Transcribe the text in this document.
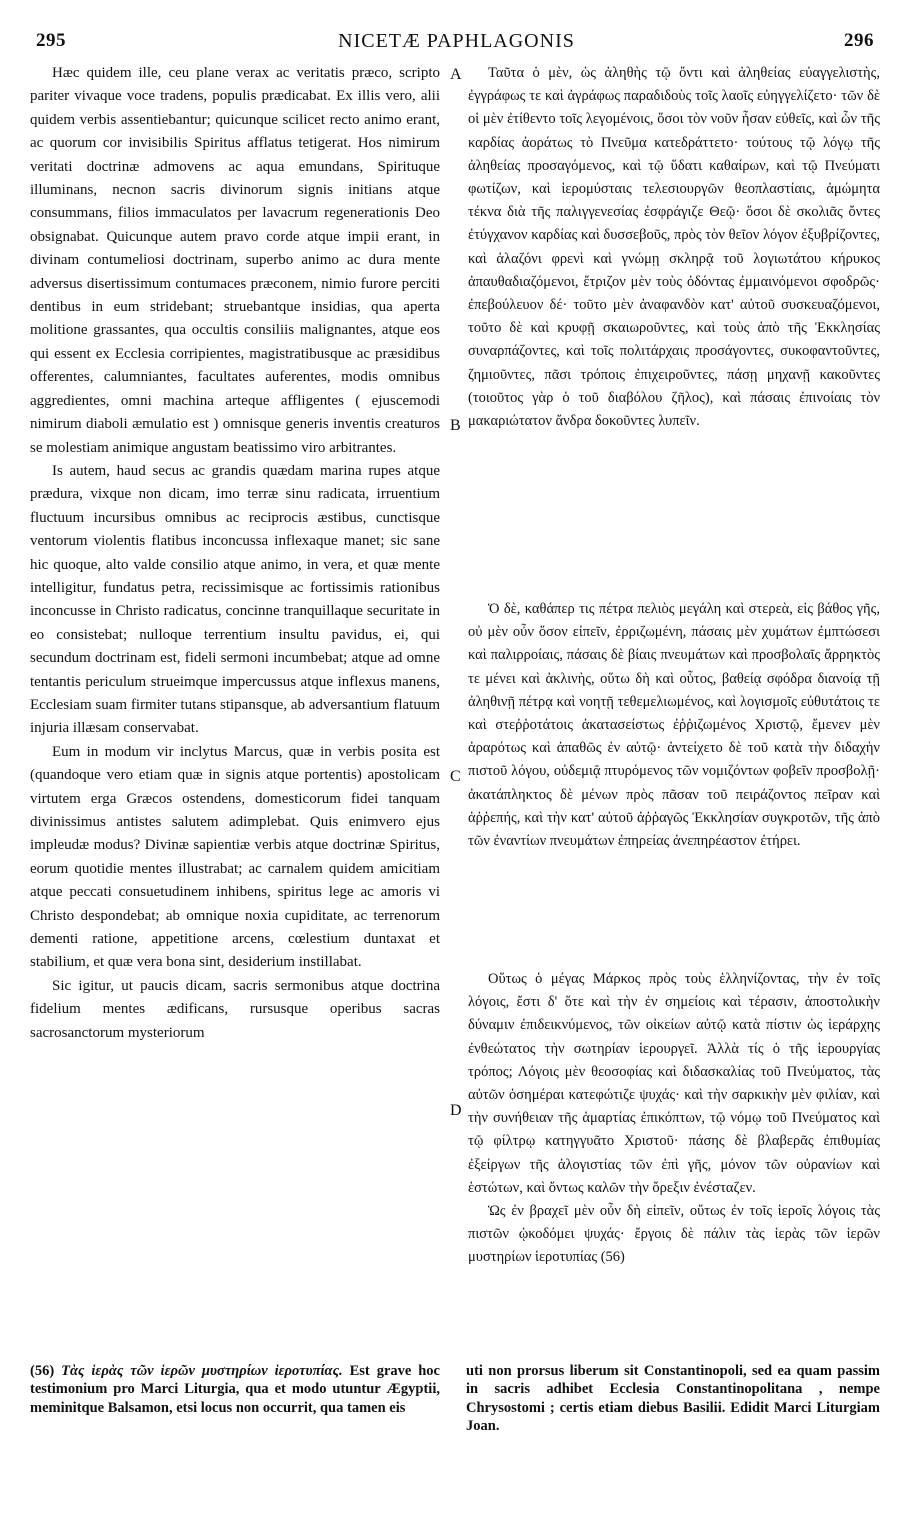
295	NICETÆ PAPHLAGONIS	296

Hæc quidem ille, ceu plane verax ac veritatis præco, scripto pariter vivaque voce tradens, populis prædicabat. Ex illis vero, alii quidem verbis assentiebantur; quicunque scilicet recto animo erant, ac quorum cor invisibilis Spiritus afflatus tetigerat. Hos nimirum veritati doctrinæ admovens ac aqua emundans, Spirituque illuminans, necnon sacris divinorum signis initians atque consummans, filios immaculatos per lavacrum regenerationis Deo obsignabat. Quicunque autem pravo corde atque impii erant, in divinam contumeliosi doctrinam, superbo animo ac dura mente adversus disertissimum contumaces præconem, nimio furore perciti dentibus in eum stridebant; struebantque insidias, qua aperta molitione grassantes, qua occultis consiliis malignantes, atque eos qui essent ex Ecclesia corripientes, magistratibusque ac præsidibus offerentes, calumniantes, facultates auferentes, modis omnibus aggredientes, omni machina arteque affligentes ( ejuscemodi nimirum diaboli æmulatio est ) omnisque generis inventis creaturos se molestiam animique angustam beatissimo viro arbitrantes.

Is autem, haud secus ac grandis quædam marina rupes atque prædura, vixque non dicam, imo terræ sinu radicata, irruentium fluctuum incursibus omnibus ac reciprocis æstibus, cunctisque ventorum violentis flatibus inconcussa inflexaque manet; sic sane hic quoque, alto valde consilio atque animo, in vera, et quæ mente intelligitur, fundatus petra, recissimisque ac fortissimis rationibus inconcusse in Christo radicatus, concinne tranquillaque securitate in eo consistebat; nulloque terrentium insultu pavidus, ei, qui secundum doctrinam est, fideli sermoni incumbebat; atque ad omne tentantis periculum strueimque impercussus atque inflexus manens, Ecclesiam suam firmiter tutans stipansque, ab adversantium flatuum injuria illæsam conservabat.

Eum in modum vir inclytus Marcus, quæ in verbis posita est (quandoque vero etiam quæ in signis atque portentis) apostolicam virtutem erga Græcos ostendens, domesticorum fidei tanquam divinissimus antistes salutem adimplebat. Quis enimvero ejus impleudæ modus? Divinæ sapientiæ verbis atque doctrinæ Spiritus, eorum quotidie mentes illustrabat; ac carnalem quidem amicitiam atque peccati consuetudinem inhibens, spiritus lege ac amoris vi Christo despondebat; ab omnique noxia cupiditate, ac terrenorum dementi ratione, appetitione arcens, cœlestium duntaxat et stabilium, et quæ vera bona sint, desiderium instillabat.

Sic igitur, ut paucis dicam, sacris sermonibus atque doctrina fidelium mentes ædificans, rursusque operibus sacras sacrosanctorum mysteriorum

A
B
C
D

Ταῦτα ὁ μὲν, ὡς ἀληθὴς τῷ ὄντι καὶ ἀληθείας εὐαγγελιστὴς, ἐγγράφως τε καὶ ἀγράφως παραδιδοὺς τοῖς λαοῖς εὐηγγελίζετο· τῶν δὲ οἱ μὲν ἐτίθεντο τοῖς λεγομένοις, ὅσοι τὸν νοῦν ἦσαν εὐθεῖς, καὶ ὧν τῆς καρδίας ἀοράτως τὸ Πνεῦμα κατεδράττετο· τούτους τῷ λόγῳ τῆς ἀληθείας προσαγόμενος, καὶ τῷ ὕδατι καθαίρων, καὶ τῷ Πνεύματι φωτίζων, καὶ ἱερομύσταις τελεσιουργῶν θεοπλαστίαις, ἀμώμητα τέκνα διὰ τῆς παλιγγενεσίας ἐσφράγιζε Θεῷ· ὅσοι δὲ σκολιᾶς ὄντες ἐτύγχανον καρδίας καὶ δυσσεβοῦς, πρὸς τὸν θεῖον λόγον ἐξυβρίζοντες, καὶ ἀλαζόνι φρενὶ καὶ γνώμῃ σκληρᾷ τοῦ λογιωτάτου κήρυκος ἀπαυθαδιαζόμενοι, ἔτριζον μὲν τοὺς ὀδόντας ἐμμαινόμενοι σφοδρῶς· ἐπεβούλευον δέ· τοῦτο μὲν ἀναφανδὸν κατ' αὐτοῦ συσκευαζόμενοι, τοῦτο δὲ καὶ κρυφῇ σκαιωροῦντες, καὶ τοὺς ἀπὸ τῆς Ἐκκλησίας συναρπάζοντες, καὶ τοῖς πολιτάρχαις προσάγοντες, συκοφαντοῦντες, ζημιοῦντες, πᾶσι τρόποις ἐπιχειροῦντες, πάσῃ μηχανῇ κακοῦντες (τοιοῦτος γὰρ ὁ τοῦ διαβόλου ζῆλος), καὶ πάσαις ἐπινοίαις τὸν μακαριώτατον ἄνδρα δοκοῦντες λυπεῖν.

Ὁ δὲ, καθάπερ τις πέτρα πελιὸς μεγάλη καὶ στερεὰ, εἰς βάθος γῆς, οὐ μὲν οὖν ὅσον εἰπεῖν, ἐρριζωμένη, πάσαις μὲν χυμάτων ἐμπτώσεσι καὶ παλιρροίαις, πάσαις δὲ βίαις πνευμάτων καὶ προσβολαῖς ἄρρηκτὸς τε μένει καὶ ἀκλινὴς, οὕτω δὴ καὶ οὗτος, βαθείᾳ σφόδρα διανοίᾳ τῇ ἀληθινῇ πέτρᾳ καὶ νοητῇ τεθεμελιωμένος, καὶ λογισμοῖς εὐθυτάτοις τε καὶ στεῤῥοτάτοις ἀκατασείστως ἐῤῥιζωμένος Χριστῷ, ἔμενεν μὲν ἀραρότως καὶ ἀπαθῶς ἐν αὐτῷ· ἀντείχετο δὲ τοῦ κατὰ τὴν διδαχὴν πιστοῦ λόγου, οὐδεμιᾷ πτυρόμενος τῶν νομιζόντων φοβεῖν προσβολῇ· ἀκατάπληκτος δὲ μένων πρὸς πᾶσαν τοῦ πειράζοντος πεῖραν καὶ ἀῤῥεπής, καὶ τὴν κατ' αὐτοῦ ἀῤῥαγῶς Ἐκκλησίαν συγκροτῶν, τῆς ἀπὸ τῶν ἐναντίων πνευμάτων ἐπηρείας ἀνεπηρέαστον ἐτήρει.

Οὕτως ὁ μέγας Μάρκος πρὸς τοὺς ἑλληνίζοντας, τὴν ἐν τοῖς λόγοις, ἔστι δ' ὅτε καὶ τὴν ἐν σημείοις καὶ τέρασιν, ἀποστολικὴν δύναμιν ἐπιδεικνύμενος, τῶν οἰκείων αὐτῷ κατὰ πίστιν ὡς ἱεράρχης ἐνθεώτατος τὴν σωτηρίαν ἱερουργεῖ. Ἀλλὰ τίς ὁ τῆς ἱερουργίας τρόπος; Λόγοις μὲν θεοσοφίας καὶ διδασκαλίας τοῦ Πνεύματος, τὰς αὐτῶν ὁσημέραι κατεφώτιζε ψυχάς· καὶ τὴν σαρκικὴν μὲν φιλίαν, καὶ τὴν συνήθειαν τῆς ἁμαρτίας ἐπικόπτων, τῷ νόμῳ τοῦ Πνεύματος καὶ τῷ φίλτρῳ κατηγγυᾶτο Χριστοῦ· πάσης δὲ βλαβερᾶς ἐπιθυμίας ἐξείργων τῆς ἀλογιστίας τῶν ἐπὶ γῆς, μόνον τῶν οὐρανίων καὶ ἑστώτων, καὶ ὄντως καλῶν τὴν ὄρεξιν ἐνέσταζεν.

Ὡς ἐν βραχεῖ μὲν οὖν δὴ εἰπεῖν, οὕτως ἐν τοῖς ἱεροῖς λόγοις τὰς πιστῶν ᾠκοδόμει ψυχάς· ἔργοις δὲ πάλιν τὰς ἱερὰς τῶν ἱερῶν μυστηρίων ἱεροτυπίας (56)

(56) Τὰς ἱερὰς τῶν ἱερῶν μυστηρίων ἱεροτυπίας. Est grave hoc testimonium pro Marci Liturgia, qua et modo utuntur Ægyptii, meminitque Balsamon, etsi locus non occurrit, qua tamen eis
uti non prorsus liberum sit Constantinopoli, sed ea quam passim in sacris adhibet Ecclesia Constantinopolitana , nempe Chrysostomi ; certis etiam diebus Basilii. Edidit Marci Liturgiam Joan.
